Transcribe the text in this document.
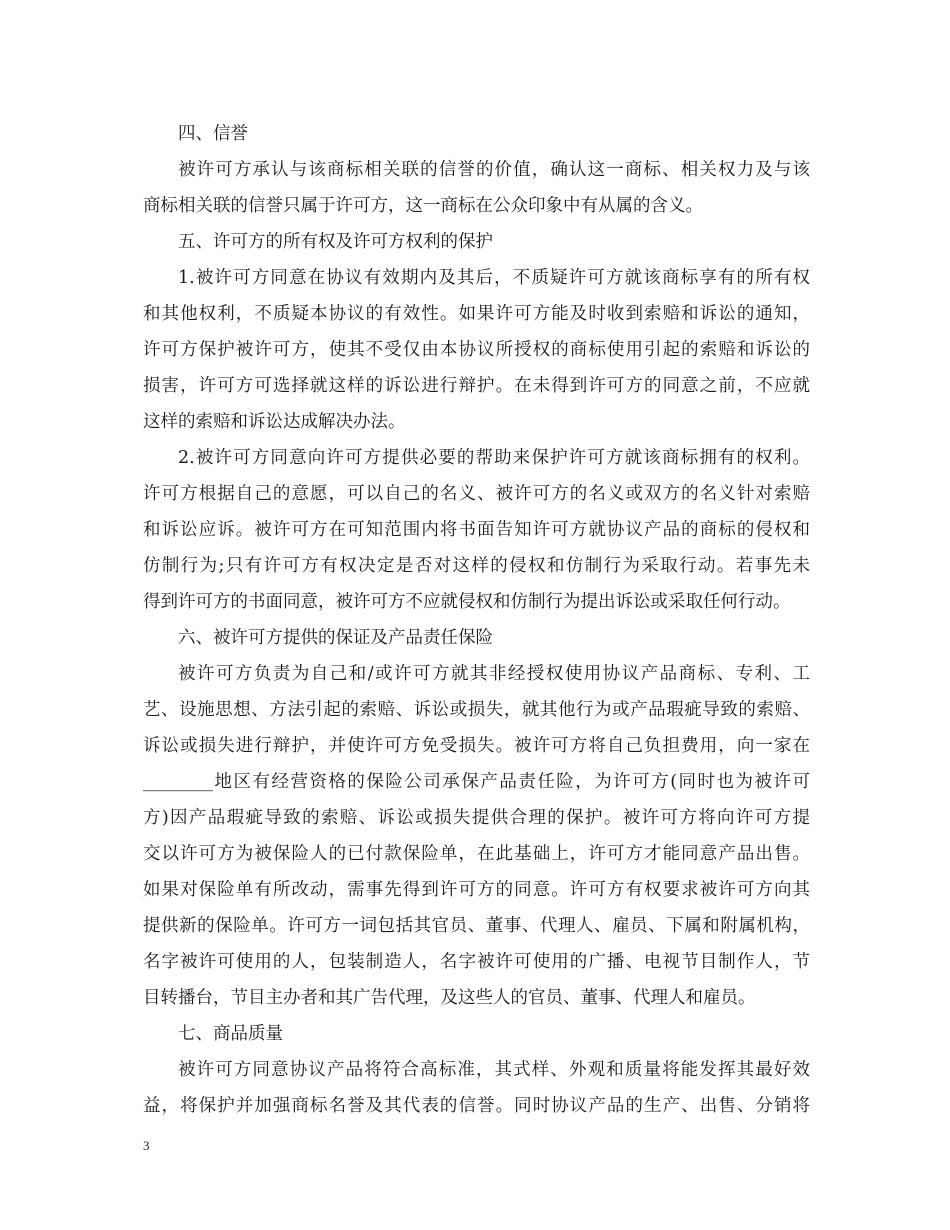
四、信誉
被许可方承认与该商标相关联的信誉的价值，确认这一商标、相关权力及与该
商标相关联的信誉只属于许可方，这一商标在公众印象中有从属的含义。
五、许可方的所有权及许可方权利的保护
1.被许可方同意在协议有效期内及其后，不质疑许可方就该商标享有的所有权
和其他权利，不质疑本协议的有效性。如果许可方能及时收到索赔和诉讼的通知，
许可方保护被许可方，使其不受仅由本协议所授权的商标使用引起的索赔和诉讼的
损害，许可方可选择就这样的诉讼进行辩护。在未得到许可方的同意之前，不应就
这样的索赔和诉讼达成解决办法。
2.被许可方同意向许可方提供必要的帮助来保护许可方就该商标拥有的权利。
许可方根据自己的意愿，可以自己的名义、被许可方的名义或双方的名义针对索赔
和诉讼应诉。被许可方在可知范围内将书面告知许可方就协议产品的商标的侵权和
仿制行为;只有许可方有权决定是否对这样的侵权和仿制行为采取行动。若事先未
得到许可方的书面同意，被许可方不应就侵权和仿制行为提出诉讼或采取任何行动。
六、被许可方提供的保证及产品责任保险
被许可方负责为自己和/或许可方就其非经授权使用协议产品商标、专利、工
艺、设施思想、方法引起的索赔、诉讼或损失，就其他行为或产品瑕疵导致的索赔、
诉讼或损失进行辩护，并使许可方免受损失。被许可方将自己负担费用，向一家在
________地区有经营资格的保险公司承保产品责任险，为许可方(同时也为被许可
方)因产品瑕疵导致的索赔、诉讼或损失提供合理的保护。被许可方将向许可方提
交以许可方为被保险人的已付款保险单，在此基础上，许可方才能同意产品出售。
如果对保险单有所改动，需事先得到许可方的同意。许可方有权要求被许可方向其
提供新的保险单。许可方一词包括其官员、董事、代理人、雇员、下属和附属机构，
名字被许可使用的人，包装制造人，名字被许可使用的广播、电视节目制作人，节
目转播台，节目主办者和其广告代理，及这些人的官员、董事、代理人和雇员。
七、商品质量
被许可方同意协议产品将符合高标准，其式样、外观和质量将能发挥其最好效
益，将保护并加强商标名誉及其代表的信誉。同时协议产品的生产、出售、分销将
3
